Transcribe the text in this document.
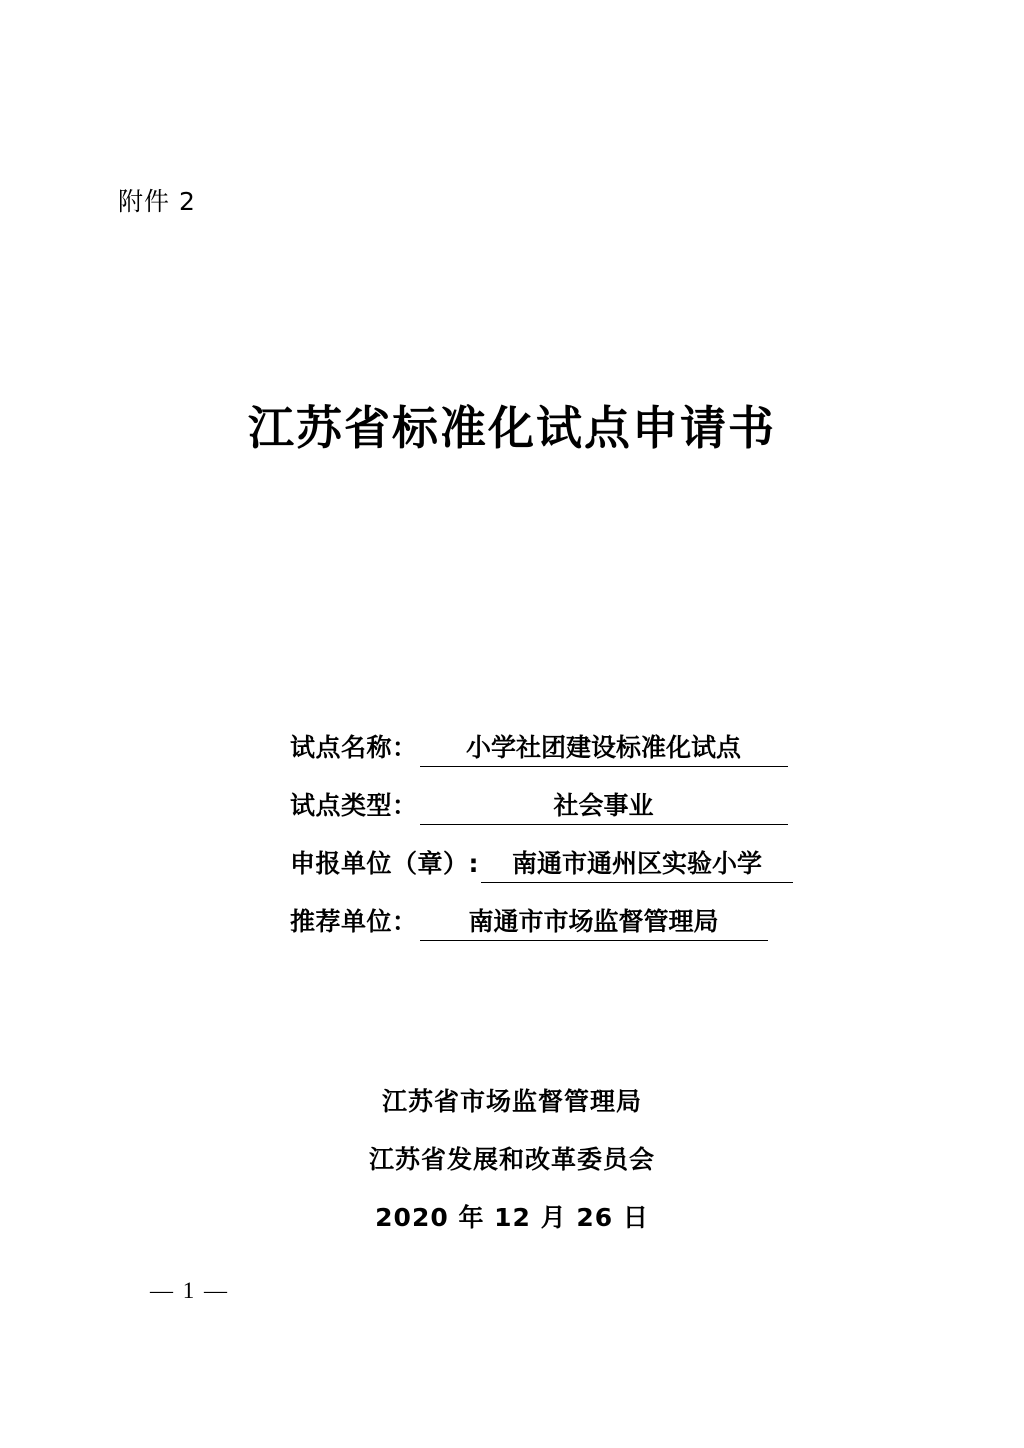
附件 2
江苏省标准化试点申请书
试点名称：	小学社团建设标准化试点
试点类型：	社会事业
申报单位（章）:	南通市通州区实验小学
推荐单位：	南通市市场监督管理局
江苏省市场监督管理局
江苏省发展和改革委员会
2020 年 12 月 26 日
— 1 —
